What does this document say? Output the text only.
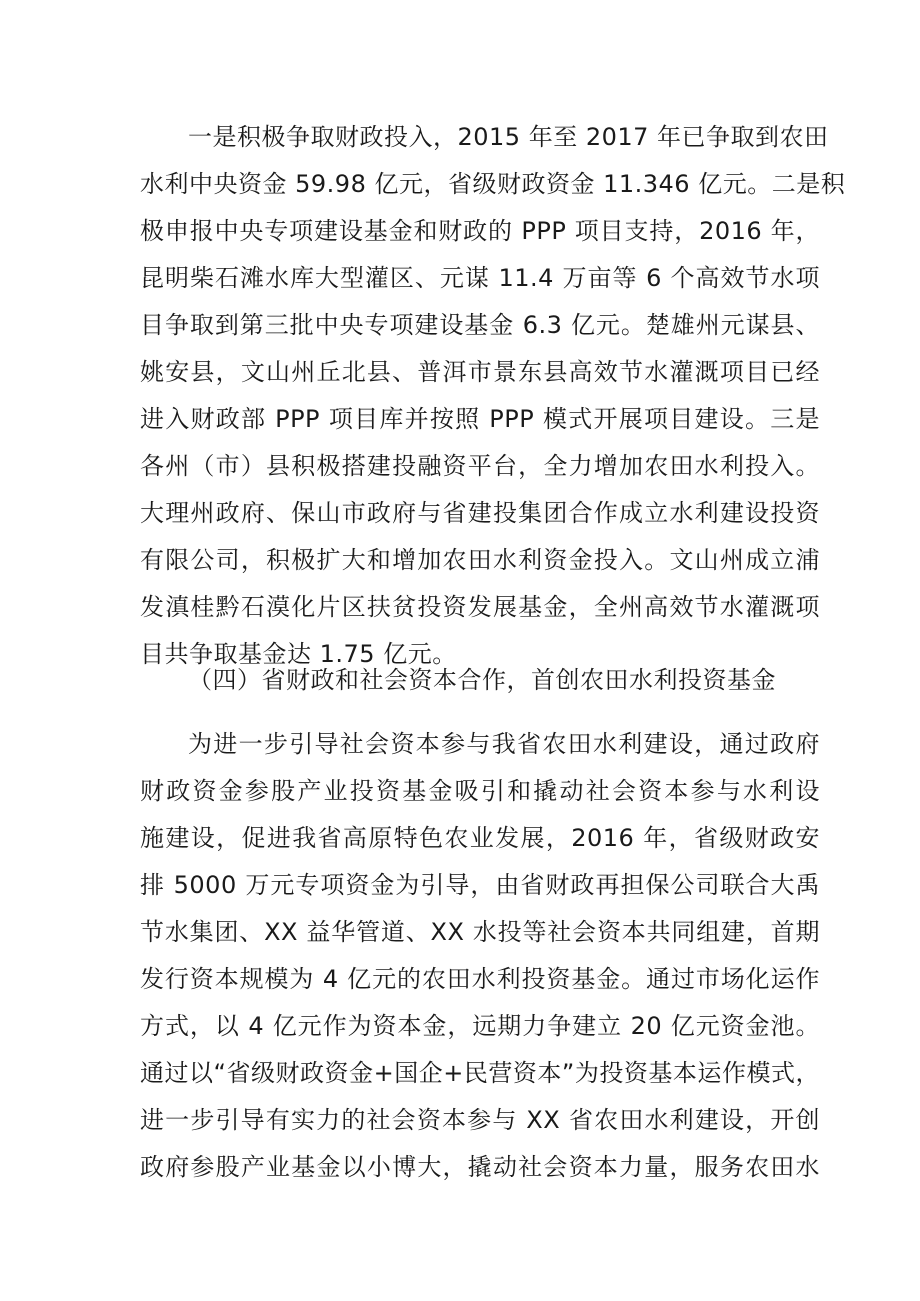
一是积极争取财政投入，2015 年至 2017 年已争取到农田
水利中央资金 59.98 亿元，省级财政资金 11.346 亿元。二是积
极申报中央专项建设基金和财政的 PPP 项目支持，2016 年，
昆明柴石滩水库大型灌区、元谋 11.4 万亩等 6 个高效节水项
目争取到第三批中央专项建设基金 6.3 亿元。楚雄州元谋县、
姚安县，文山州丘北县、普洱市景东县高效节水灌溉项目已经
进入财政部 PPP 项目库并按照 PPP 模式开展项目建设。三是
各州（市）县积极搭建投融资平台，全力增加农田水利投入。
大理州政府、保山市政府与省建投集团合作成立水利建设投资
有限公司，积极扩大和增加农田水利资金投入。文山州成立浦
发滇桂黔石漠化片区扶贫投资发展基金，全州高效节水灌溉项
目共争取基金达 1.75 亿元。
（四）省财政和社会资本合作，首创农田水利投资基金
为进一步引导社会资本参与我省农田水利建设，通过政府
财政资金参股产业投资基金吸引和撬动社会资本参与水利设
施建设，促进我省高原特色农业发展，2016 年，省级财政安
排 5000 万元专项资金为引导，由省财政再担保公司联合大禹
节水集团、XX 益华管道、XX 水投等社会资本共同组建，首期
发行资本规模为 4 亿元的农田水利投资基金。通过市场化运作
方式，以 4 亿元作为资本金，远期力争建立 20 亿元资金池。
通过以“省级财政资金+国企+民营资本”为投资基本运作模式，
进一步引导有实力的社会资本参与 XX 省农田水利建设，开创
政府参股产业基金以小博大，撬动社会资本力量，服务农田水
